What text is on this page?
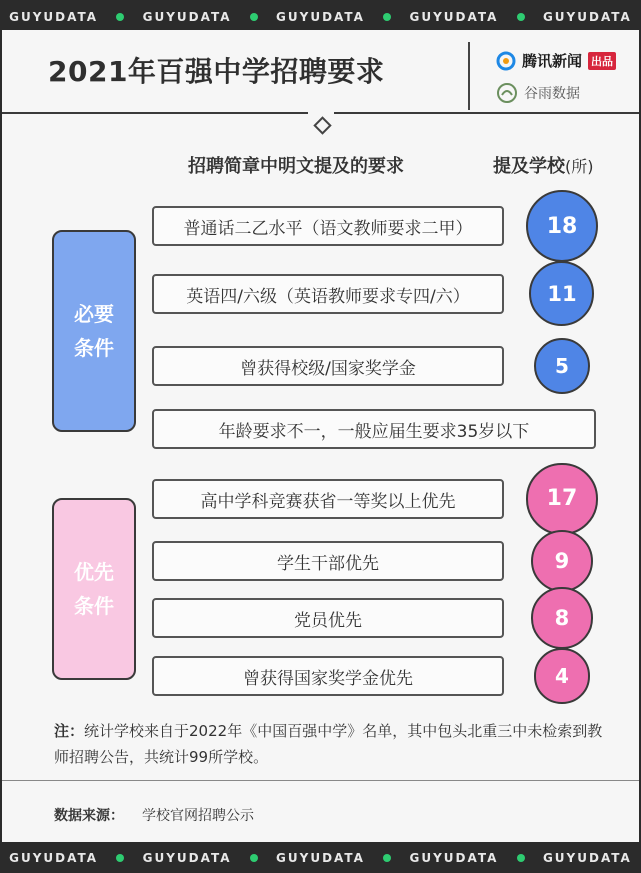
GUYUDATA	GUYUDATA	GUYUDATA	GUYUDATA	GUYUDATA
2021年百强中学招聘要求	腾讯新闻 出品
谷雨数据
招聘简章中明文提及的要求	提及学校(所)
注：统计学校来自于2022年《中国百强中学》名单，其中包头北重三中未检索到教师招聘公告，共统计99所学校。
数据来源： 学校官网招聘公示
必要
条件
普通话二乙水平（语文教师要求二甲）	18
英语四/六级（英语教师要求专四/六）	11
曾获得校级/国家奖学金	5
年龄要求不一，一般应届生要求35岁以下
优先
条件
高中学科竞赛获省一等奖以上优先	17
学生干部优先	9
党员优先	8
曾获得国家奖学金优先	4
GUYUDATA	GUYUDATA	GUYUDATA	GUYUDATA	GUYUDATA
